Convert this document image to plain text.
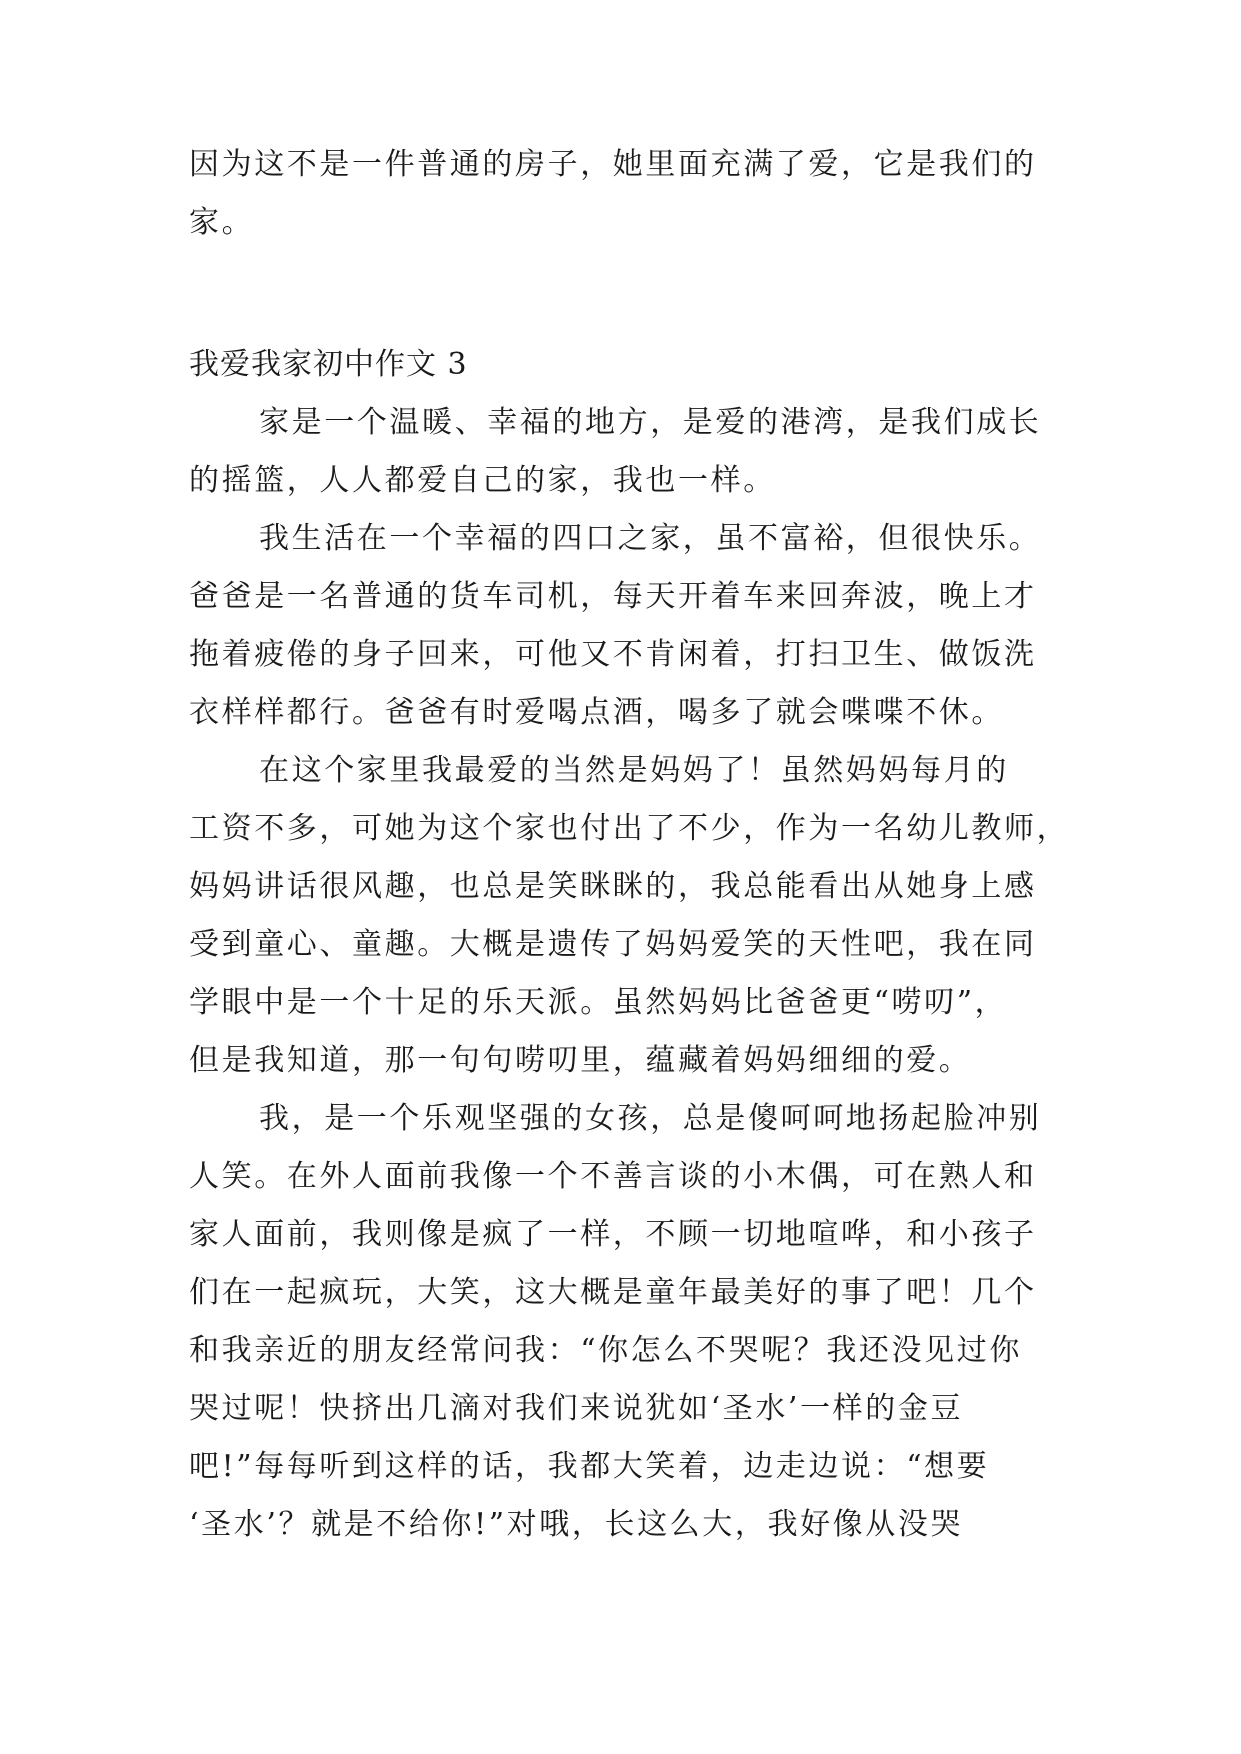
因为这不是一件普通的房子，她里面充满了爱，它是我们的
家。
我爱我家初中作文 3
家是一个温暖、幸福的地方，是爱的港湾，是我们成长
的摇篮，人人都爱自己的家，我也一样。
我生活在一个幸福的四口之家，虽不富裕，但很快乐。
爸爸是一名普通的货车司机，每天开着车来回奔波，晚上才
拖着疲倦的身子回来，可他又不肯闲着，打扫卫生、做饭洗
衣样样都行。爸爸有时爱喝点酒，喝多了就会喋喋不休。
在这个家里我最爱的当然是妈妈了！虽然妈妈每月的
工资不多，可她为这个家也付出了不少，作为一名幼儿教师，
妈妈讲话很风趣，也总是笑眯眯的，我总能看出从她身上感
受到童心、童趣。大概是遗传了妈妈爱笑的天性吧，我在同
学眼中是一个十足的乐天派。虽然妈妈比爸爸更“唠叨”，
但是我知道，那一句句唠叨里，蕴藏着妈妈细细的爱。
我，是一个乐观坚强的女孩，总是傻呵呵地扬起脸冲别
人笑。在外人面前我像一个不善言谈的小木偶，可在熟人和
家人面前，我则像是疯了一样，不顾一切地喧哗，和小孩子
们在一起疯玩，大笑，这大概是童年最美好的事了吧！几个
和我亲近的朋友经常问我：“你怎么不哭呢？我还没见过你
哭过呢！快挤出几滴对我们来说犹如‘圣水’一样的金豆
吧!”每每听到这样的话，我都大笑着，边走边说：“想要
‘圣水’？就是不给你!”对哦，长这么大，我好像从没哭
